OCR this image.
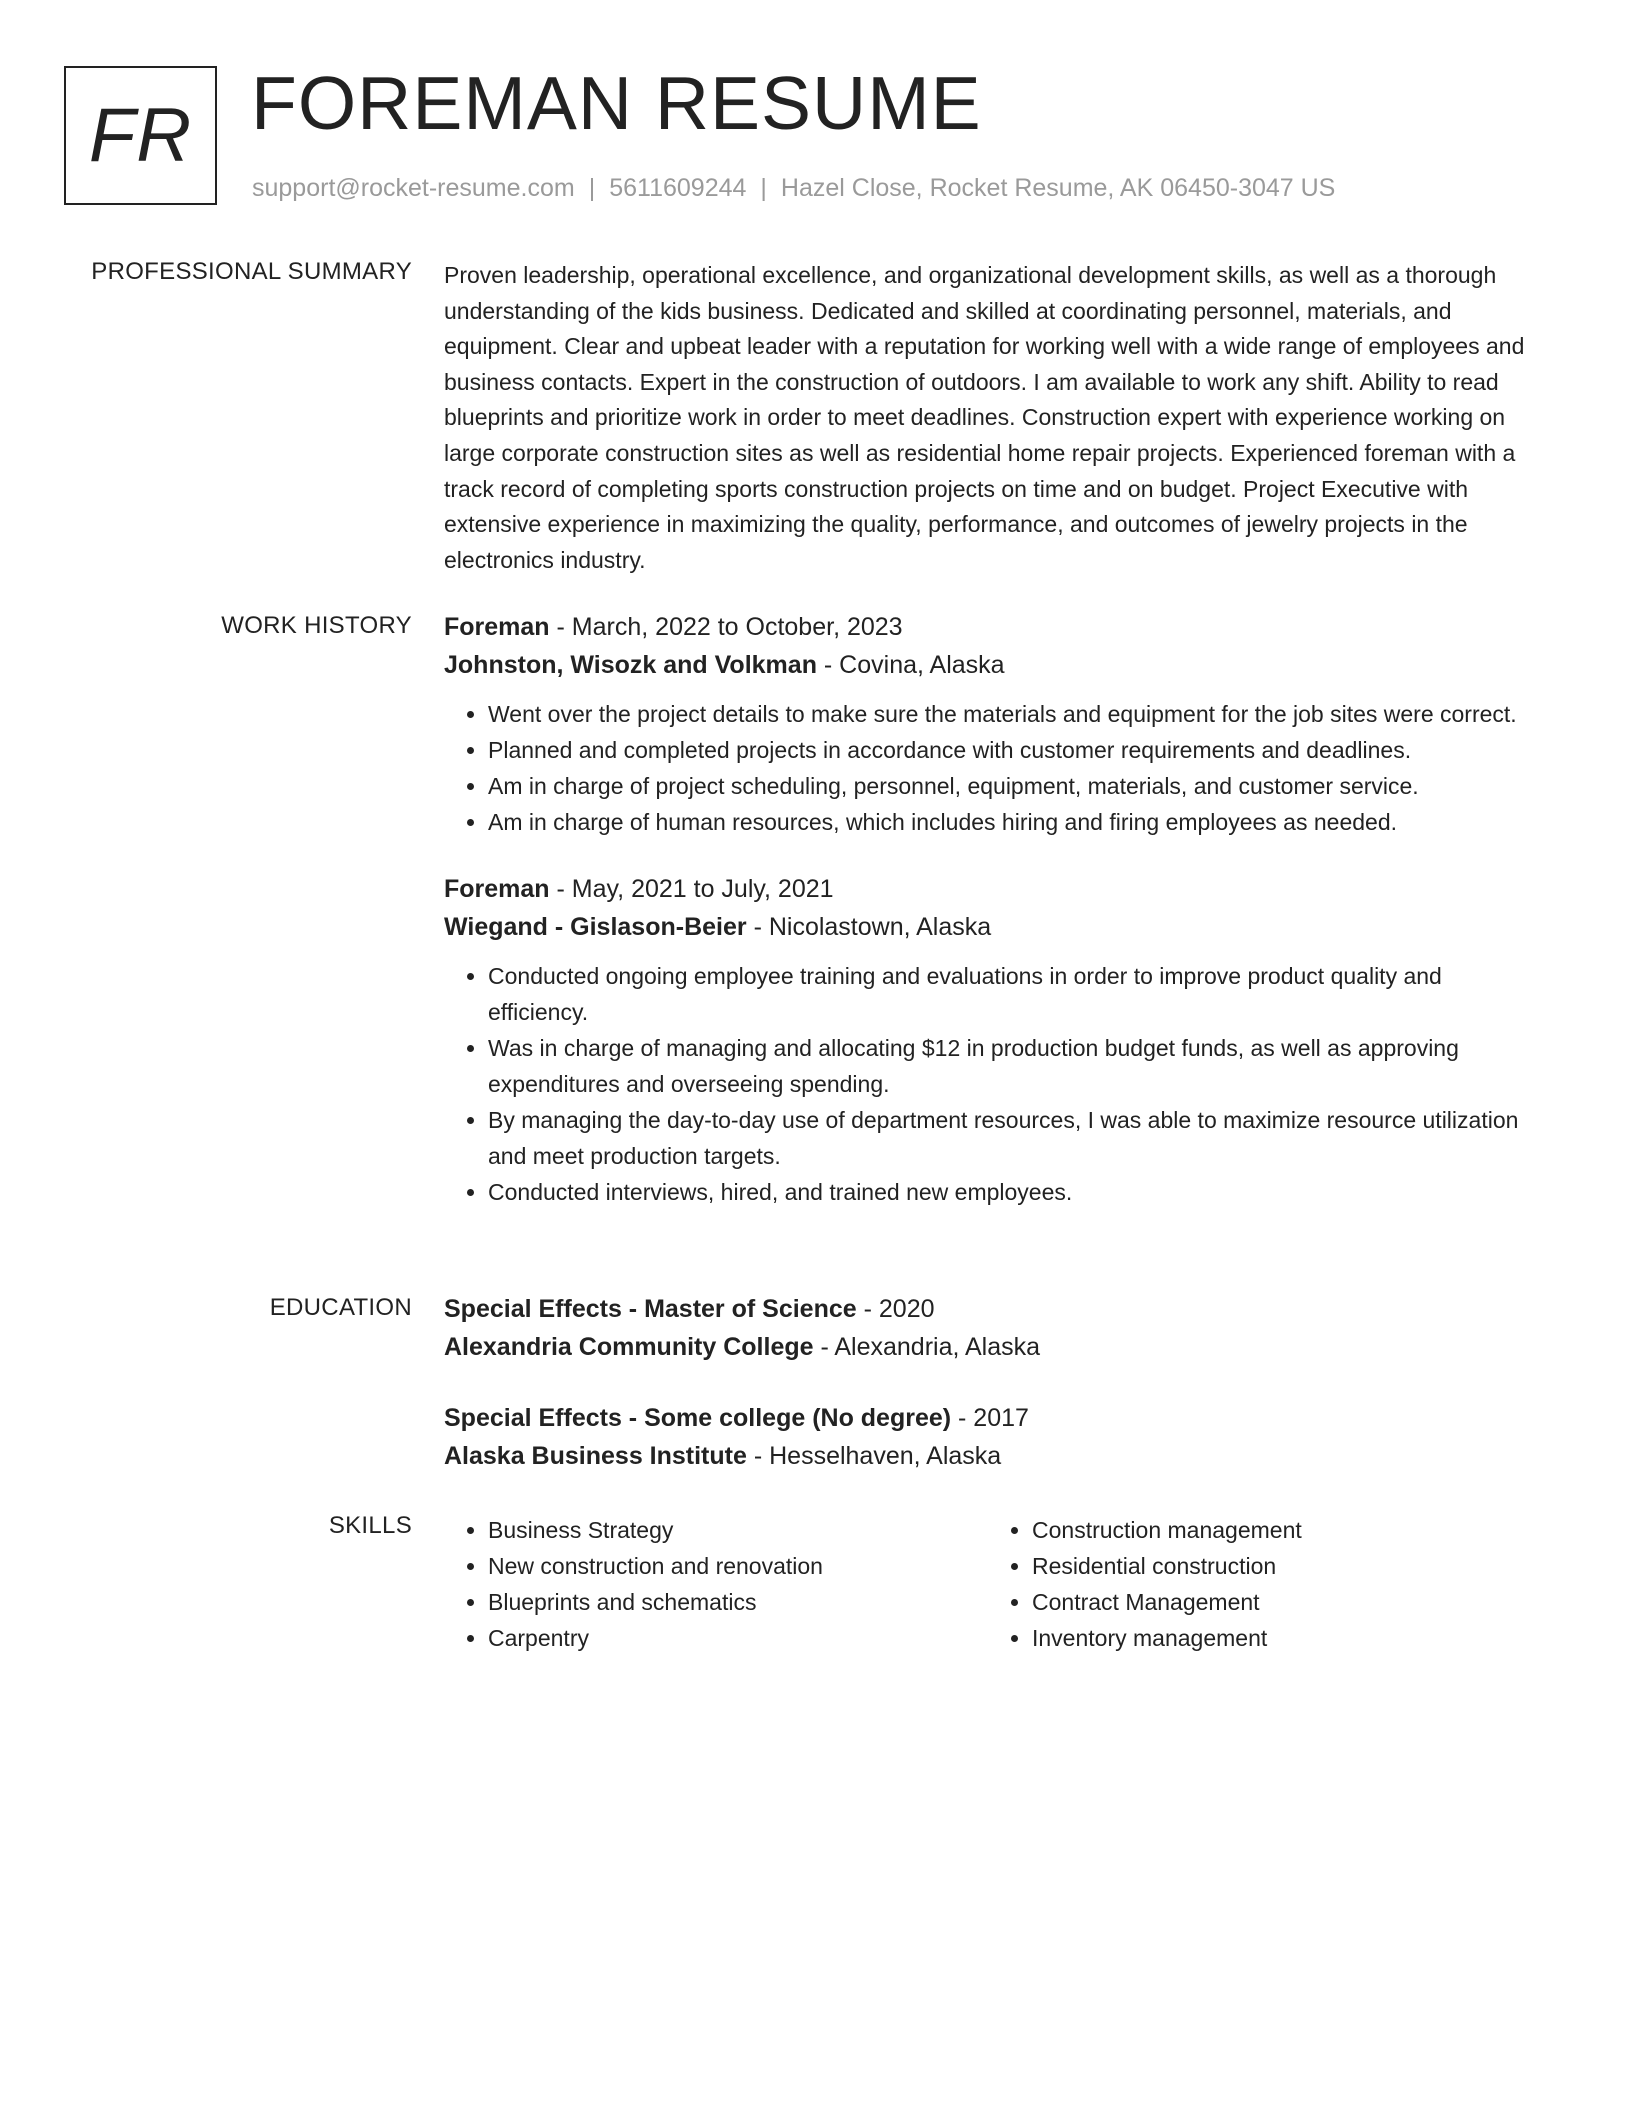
FR FOREMAN RESUME
support@rocket-resume.com | 5611609244 | Hazel Close, Rocket Resume, AK 06450-3047 US
PROFESSIONAL SUMMARY Proven leadership, operational excellence, and organizational development skills, as well as a thorough understanding of the kids business. Dedicated and skilled at coordinating personnel, materials, and equipment. Clear and upbeat leader with a reputation for working well with a wide range of employees and business contacts. Expert in the construction of outdoors. I am available to work any shift. Ability to read blueprints and prioritize work in order to meet deadlines. Construction expert with experience working on large corporate construction sites as well as residential home repair projects. Experienced foreman with a track record of completing sports construction projects on time and on budget. Project Executive with extensive experience in maximizing the quality, performance, and outcomes of jewelry projects in the electronics industry.

WORK HISTORY Foreman - March, 2022 to October, 2023
Johnston, Wisozk and Volkman - Covina, Alaska
• Went over the project details to make sure the materials and equipment for the job sites were correct.
• Planned and completed projects in accordance with customer requirements and deadlines.
• Am in charge of project scheduling, personnel, equipment, materials, and customer service.
• Am in charge of human resources, which includes hiring and firing employees as needed.
Foreman - May, 2021 to July, 2021
Wiegand - Gislason-Beier - Nicolastown, Alaska
• Conducted ongoing employee training and evaluations in order to improve product quality and efficiency.
• Was in charge of managing and allocating $12 in production budget funds, as well as approving expenditures and overseeing spending.
• By managing the day-to-day use of department resources, I was able to maximize resource utilization and meet production targets.
• Conducted interviews, hired, and trained new employees.
EDUCATION Special Effects - Master of Science - 2020
Alexandria Community College - Alexandria, Alaska
Special Effects - Some college (No degree) - 2017
Alaska Business Institute - Hesselhaven, Alaska
SKILLS
•	Business Strategy
• New construction and renovation
• Blueprints and schematics
• Carpentry
• Construction management
• Residential construction
• Contract Management
• Inventory management
